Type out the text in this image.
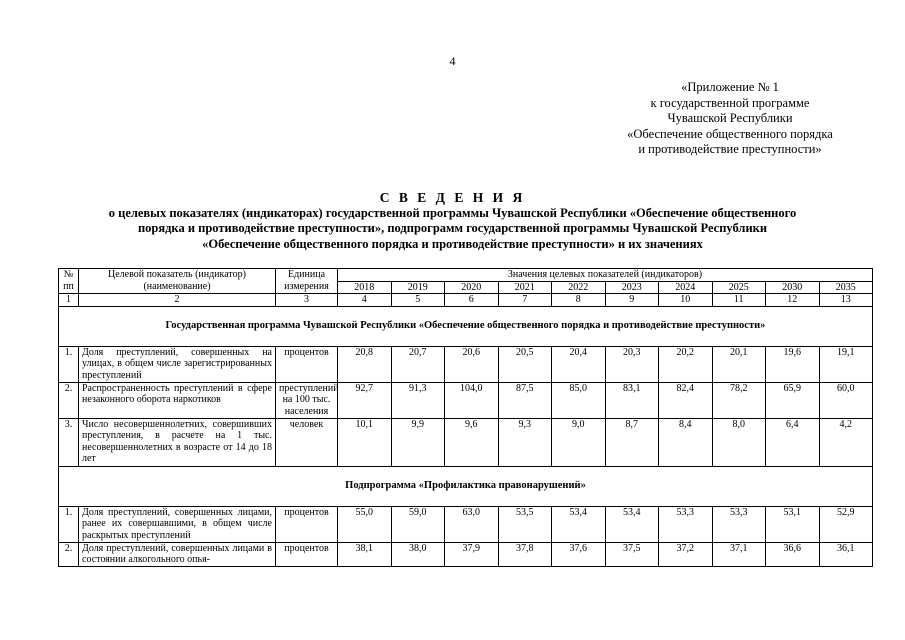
4
«Приложение № 1
к государственной программе
Чувашской Республики
«Обеспечение общественного порядка
и противодействие преступности»
С В Е Д Е Н И Я
о целевых показателях (индикаторах) государственной программы Чувашской Республики «Обеспечение общественного
порядка и противодействие преступности», подпрограмм государственной программы Чувашской Республики
«Обеспечение общественного порядка и противодействие преступности» и их значениях
№ пп	Целевой показатель (индикатор) (наименование)	Единица измерения	Значения целевых показателей (индикаторов)									
			2018	2019	2020	2021	2022	2023	2024	2025	2030	2035
1	2	3	4	5	6	7	8	9	10	11	12	13
Государственная программа Чувашской Республики «Обеспечение общественного порядка и противодействие преступности»												
1.	Доля преступлений, совершенных на улицах, в общем числе зарегистрированных преступлений	процентов	20,8	20,7	20,6	20,5	20,4	20,3	20,2	20,1	19,6	19,1
2.	Распространенность преступлений в сфере незаконного оборота наркотиков	преступлений на 100 тыс. населения	92,7	91,3	104,0	87,5	85,0	83,1	82,4	78,2	65,9	60,0
3.	Число несовершеннолетних, совершивших преступления, в расчете на 1 тыс. несовершеннолетних в возрасте от 14 до 18 лет	человек	10,1	9,9	9,6	9,3	9,0	8,7	8,4	8,0	6,4	4,2
Подпрограмма «Профилактика правонарушений»												
1.	Доля преступлений, совершенных лицами, ранее их совершавшими, в общем числе раскрытых преступлений	процентов	55,0	59,0	63,0	53,5	53,4	53,4	53,3	53,3	53,1	52,9
2.	Доля преступлений, совершенных лицами в состоянии алкогольного опья-	процентов	38,1	38,0	37,9	37,8	37,6	37,5	37,2	37,1	36,6	36,1
